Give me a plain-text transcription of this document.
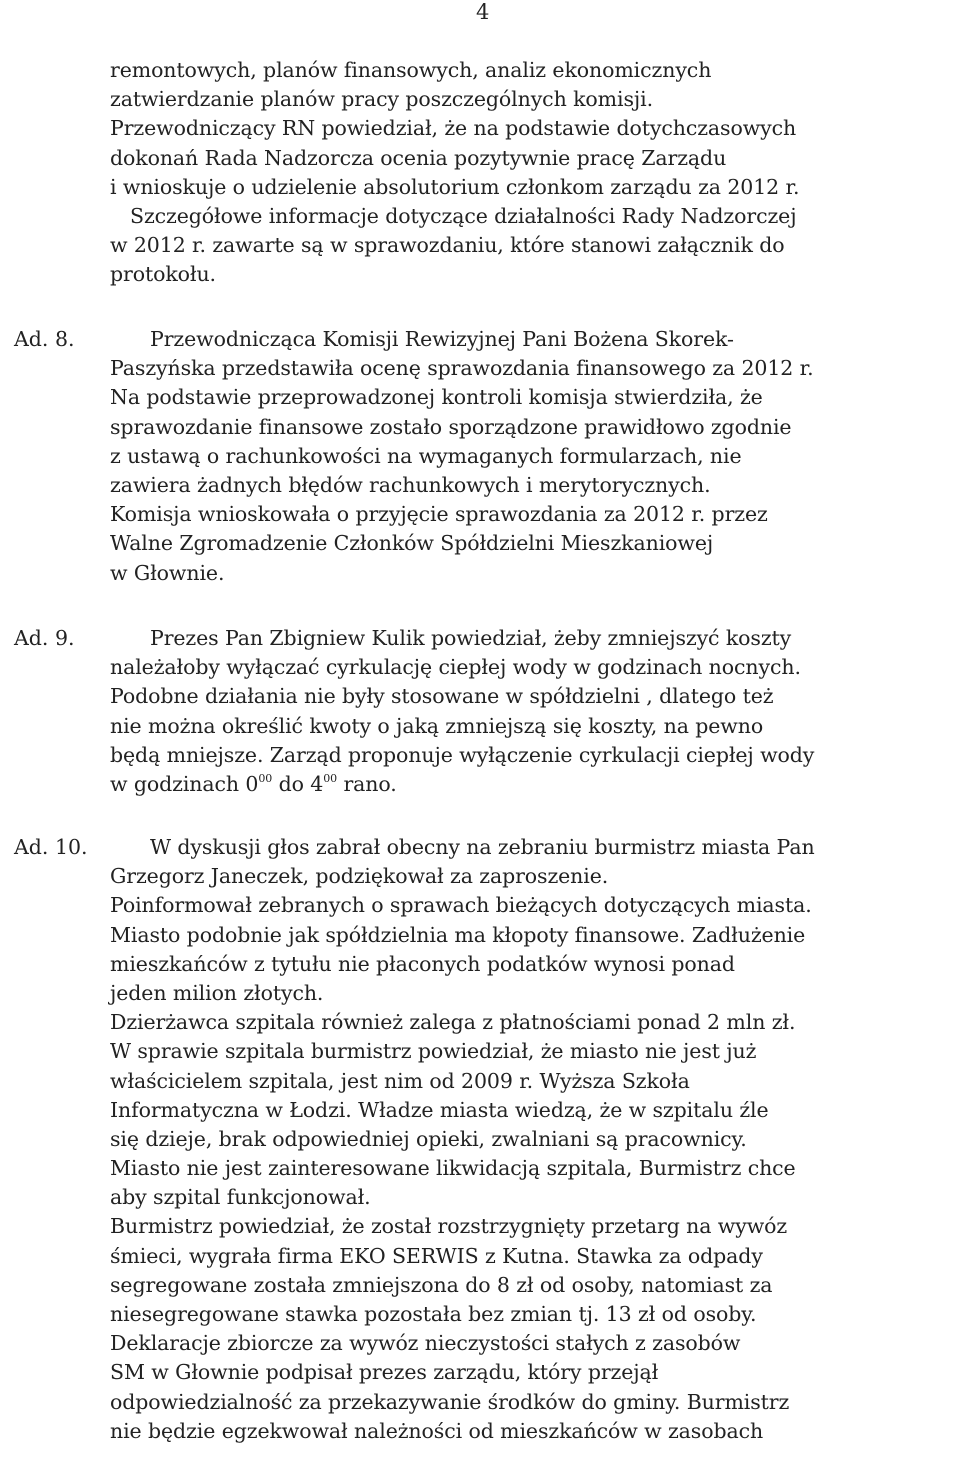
4
remontowych, planów finansowych, analiz ekonomicznych
zatwierdzanie planów pracy poszczególnych komisji.
Przewodniczący RN powiedział, że na podstawie dotychczasowych
dokonań Rada Nadzorcza ocenia pozytywnie pracę Zarządu
i wnioskuje o udzielenie absolutorium członkom zarządu za 2012 r.
Szczegółowe informacje dotyczące działalności Rady Nadzorczej
w 2012 r. zawarte są w sprawozdaniu, które stanowi załącznik do
protokołu.
Ad. 8.	Przewodnicząca Komisji Rewizyjnej Pani Bożena Skorek-
Paszyńska przedstawiła ocenę sprawozdania finansowego za 2012 r.
Na podstawie przeprowadzonej kontroli komisja stwierdziła, że
sprawozdanie finansowe zostało sporządzone prawidłowo zgodnie
z ustawą o rachunkowości na wymaganych formularzach, nie
zawiera żadnych błędów rachunkowych i merytorycznych.
Komisja wnioskowała o przyjęcie sprawozdania za 2012 r. przez
Walne Zgromadzenie Członków Spółdzielni Mieszkaniowej
w Głownie.
Ad. 9.	Prezes Pan Zbigniew Kulik powiedział, żeby zmniejszyć koszty
należałoby wyłączać cyrkulację ciepłej wody w godzinach nocnych.
Podobne działania nie były stosowane w spółdzielni , dlatego też
nie można określić kwoty o jaką zmniejszą się koszty, na pewno
będą mniejsze. Zarząd proponuje wyłączenie cyrkulacji ciepłej wody
w godzinach $0^{00}$ do $4^{00}$ rano.
Ad. 10.	W dyskusji głos zabrał obecny na zebraniu burmistrz miasta Pan
Grzegorz Janeczek, podziękował za zaproszenie.
Poinformował zebranych o sprawach bieżących dotyczących miasta.
Miasto podobnie jak spółdzielnia ma kłopoty finansowe. Zadłużenie
mieszkańców z tytułu nie płaconych podatków wynosi ponad
jeden milion złotych.
Dzierżawca szpitala również zalega z płatnościami ponad 2 mln zł.
W sprawie szpitala burmistrz powiedział, że miasto nie jest już
właścicielem szpitala, jest nim od 2009 r. Wyższa Szkoła
Informatyczna w Łodzi. Władze miasta wiedzą, że w szpitalu źle
się dzieje, brak odpowiedniej opieki, zwalniani są pracownicy.
Miasto nie jest zainteresowane likwidacją szpitala, Burmistrz chce
aby szpital funkcjonował.
Burmistrz powiedział, że został rozstrzygnięty przetarg na wywóz
śmieci, wygrała firma EKO SERWIS z Kutna. Stawka za odpady
segregowane została zmniejszona do 8 zł od osoby, natomiast za
niesegregowane stawka pozostała bez zmian tj. 13 zł od osoby.
Deklaracje zbiorcze za wywóz nieczystości stałych z zasobów
SM w Głownie podpisał prezes zarządu, który przejął
odpowiedzialność za przekazywanie środków do gminy. Burmistrz
nie będzie egzekwował należności od mieszkańców w zasobach
